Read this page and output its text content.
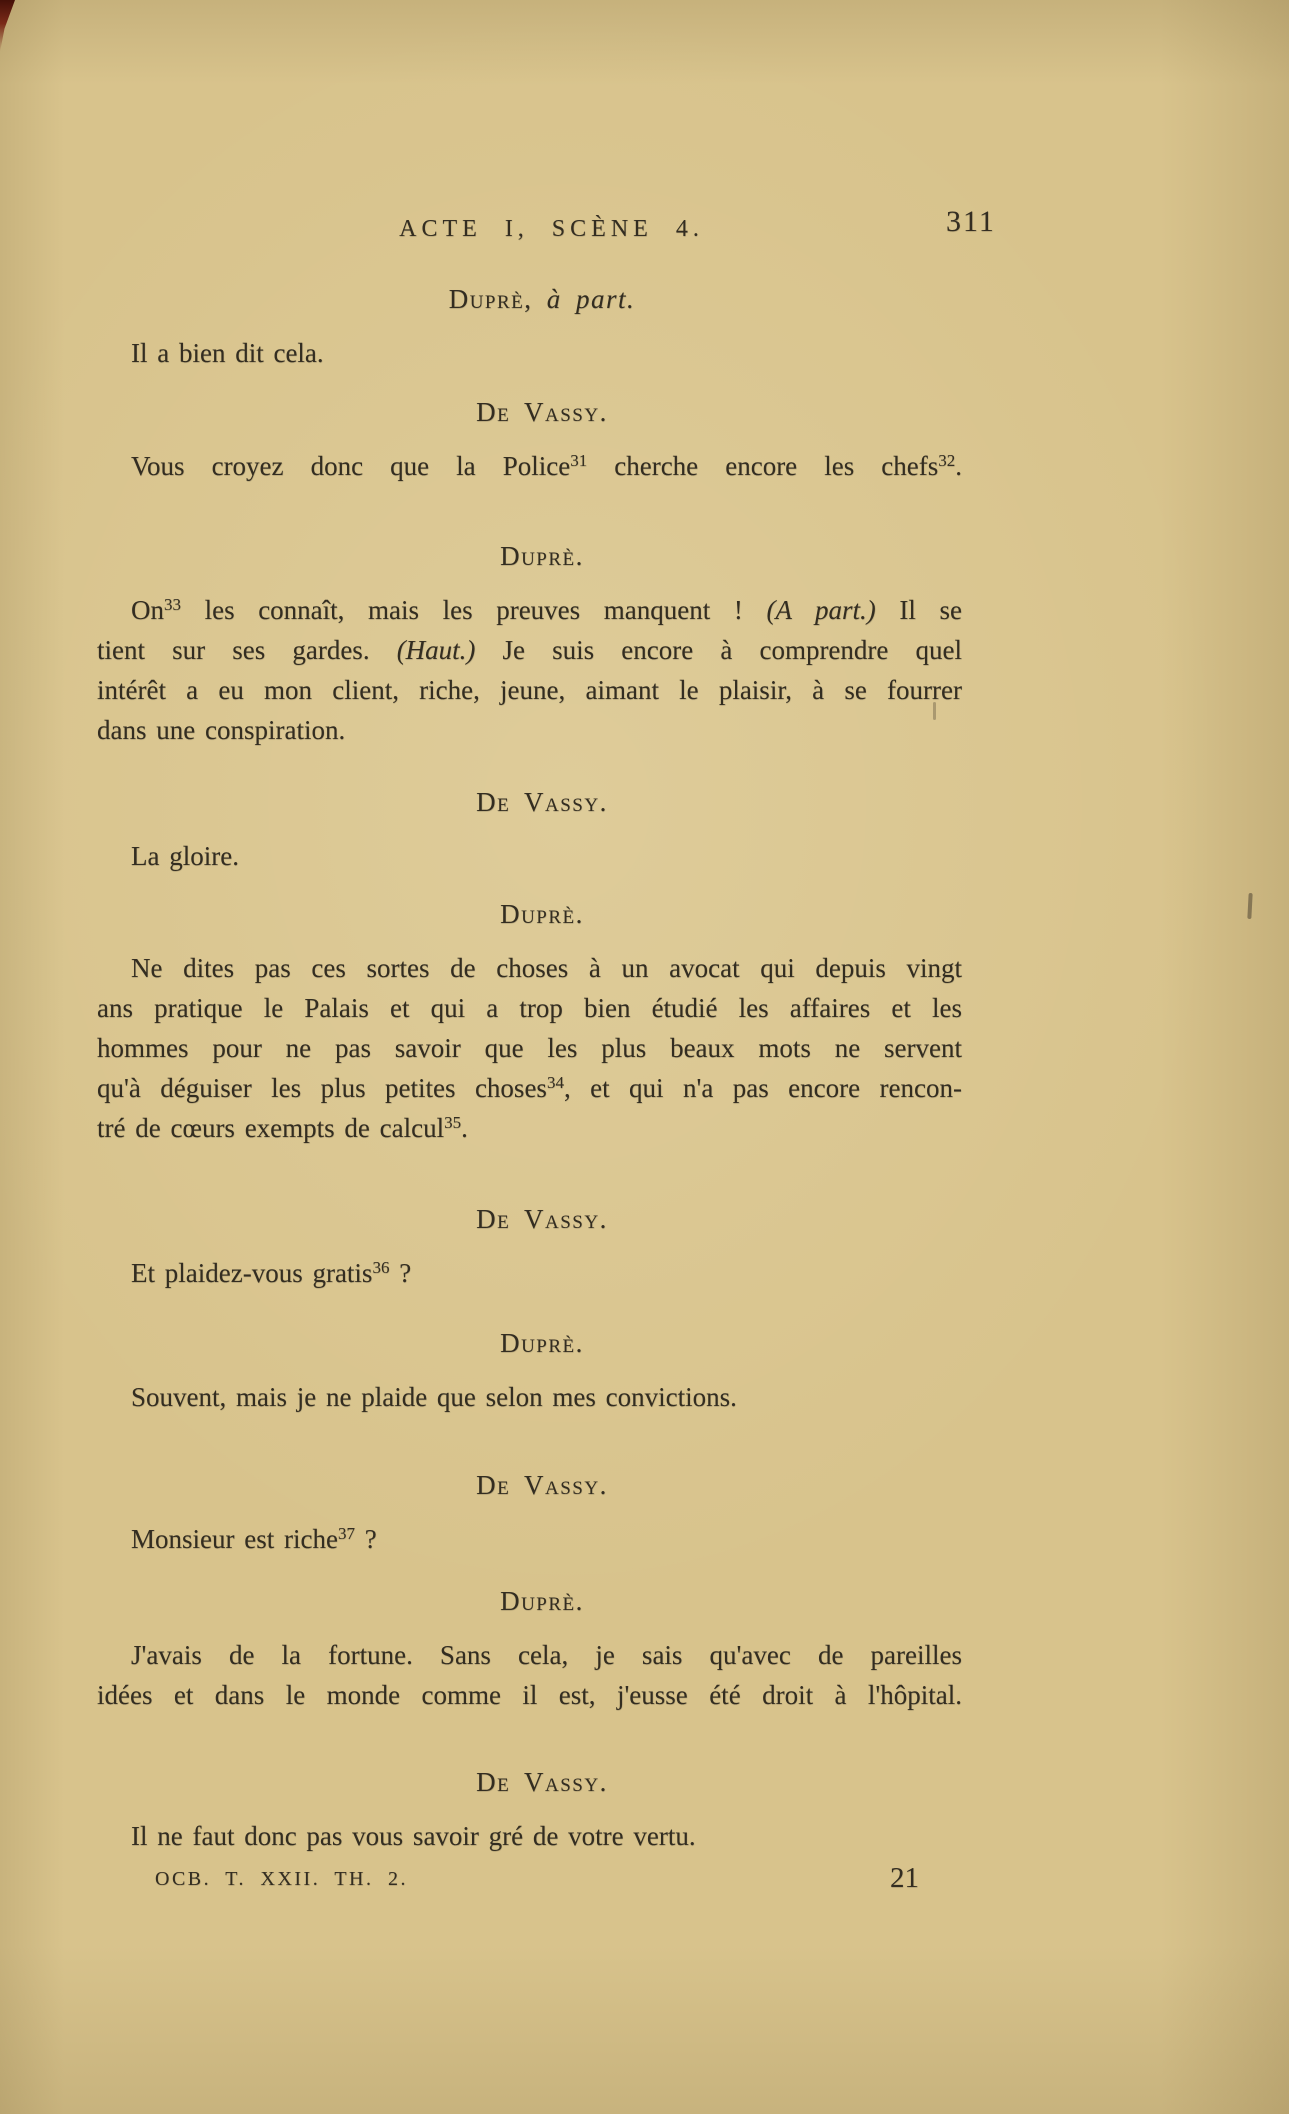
ACTE I, SCÈNE 4.	311
Duprè, à part.
Il a bien dit cela.
De Vassy.
Vous croyez donc que la Police$^{31}$ cherche encore les chefs$^{32}$.
Duprè.
On$^{33}$ les connaît, mais les preuves manquent ! (A part.) Il se
tient sur ses gardes. (Haut.) Je suis encore à comprendre quel
intérêt a eu mon client, riche, jeune, aimant le plaisir, à se fourrer
dans une conspiration.
De Vassy.
La gloire.
Duprè.
Ne dites pas ces sortes de choses à un avocat qui depuis vingt
ans pratique le Palais et qui a trop bien étudié les affaires et les
hommes pour ne pas savoir que les plus beaux mots ne servent
qu'à déguiser les plus petites choses$^{34}$, et qui n'a pas encore rencon-
tré de cœurs exempts de calcul$^{35}$.
De Vassy.
Et plaidez-vous gratis$^{36}$ ?
Duprè.
Souvent, mais je ne plaide que selon mes convictions.
De Vassy.
Monsieur est riche$^{37}$ ?
Duprè.
J'avais de la fortune. Sans cela, je sais qu'avec de pareilles
idées et dans le monde comme il est, j'eusse été droit à l'hôpital.
De Vassy.
Il ne faut donc pas vous savoir gré de votre vertu.
OCB. T. XXII. TH. 2.	21
